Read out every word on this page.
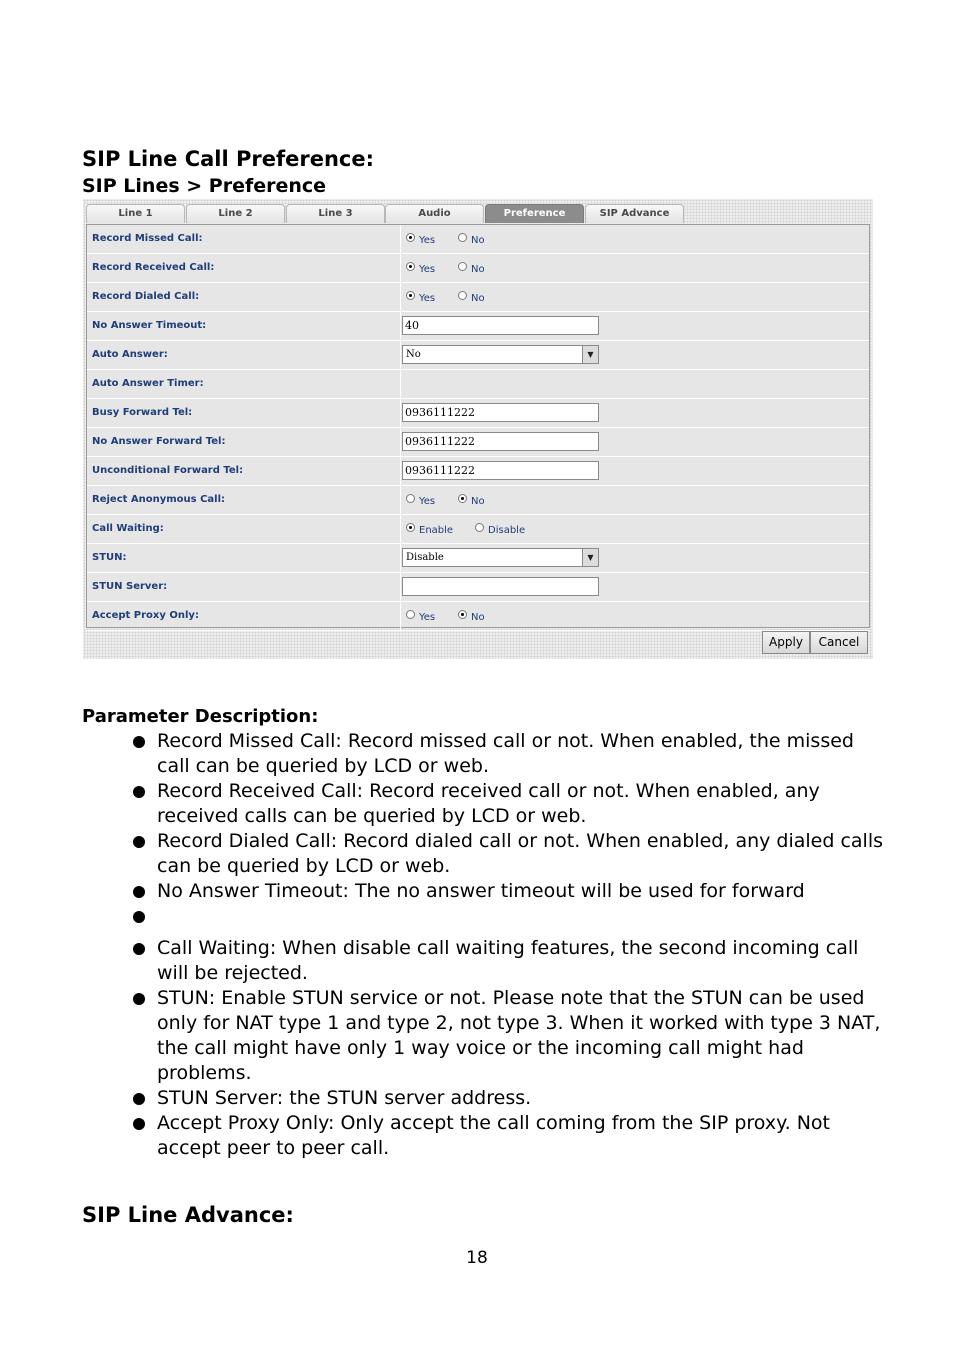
SIP Line Call Preference:
SIP Lines > Preference
Line 1	Line 2	Line 3	Audio	Preference	SIP Advance
Record Missed Call:	Yes	No
Record Received Call:	Yes	No
Record Dialed Call:	Yes	No
No Answer Timeout:	40
Auto Answer:	No	▼
Auto Answer Timer:
Busy Forward Tel:	0936111222
No Answer Forward Tel:	0936111222
Unconditional Forward Tel:	0936111222
Reject Anonymous Call:	Yes	No
Call Waiting:	Enable	Disable
STUN:	Disable	▼
STUN Server:
Accept Proxy Only:	Yes	No
Apply	Cancel
Parameter Description:
Record Missed Call: Record missed call or not. When enabled, the missed call can be queried by LCD or web.
Record Received Call: Record received call or not. When enabled, any received calls can be queried by LCD or web.
Record Dialed Call: Record dialed call or not. When enabled, any dialed calls can be queried by LCD or web.
No Answer Timeout: The no answer timeout will be used for forward
Call Waiting: When disable call waiting features, the second incoming call will be rejected.
STUN: Enable STUN service or not. Please note that the STUN can be used only for NAT type 1 and type 2, not type 3. When it worked with type 3 NAT, the call might have only 1 way voice or the incoming call might had problems.
STUN Server: the STUN server address.
Accept Proxy Only: Only accept the call coming from the SIP proxy. Not accept peer to peer call.
SIP Line Advance:
18
